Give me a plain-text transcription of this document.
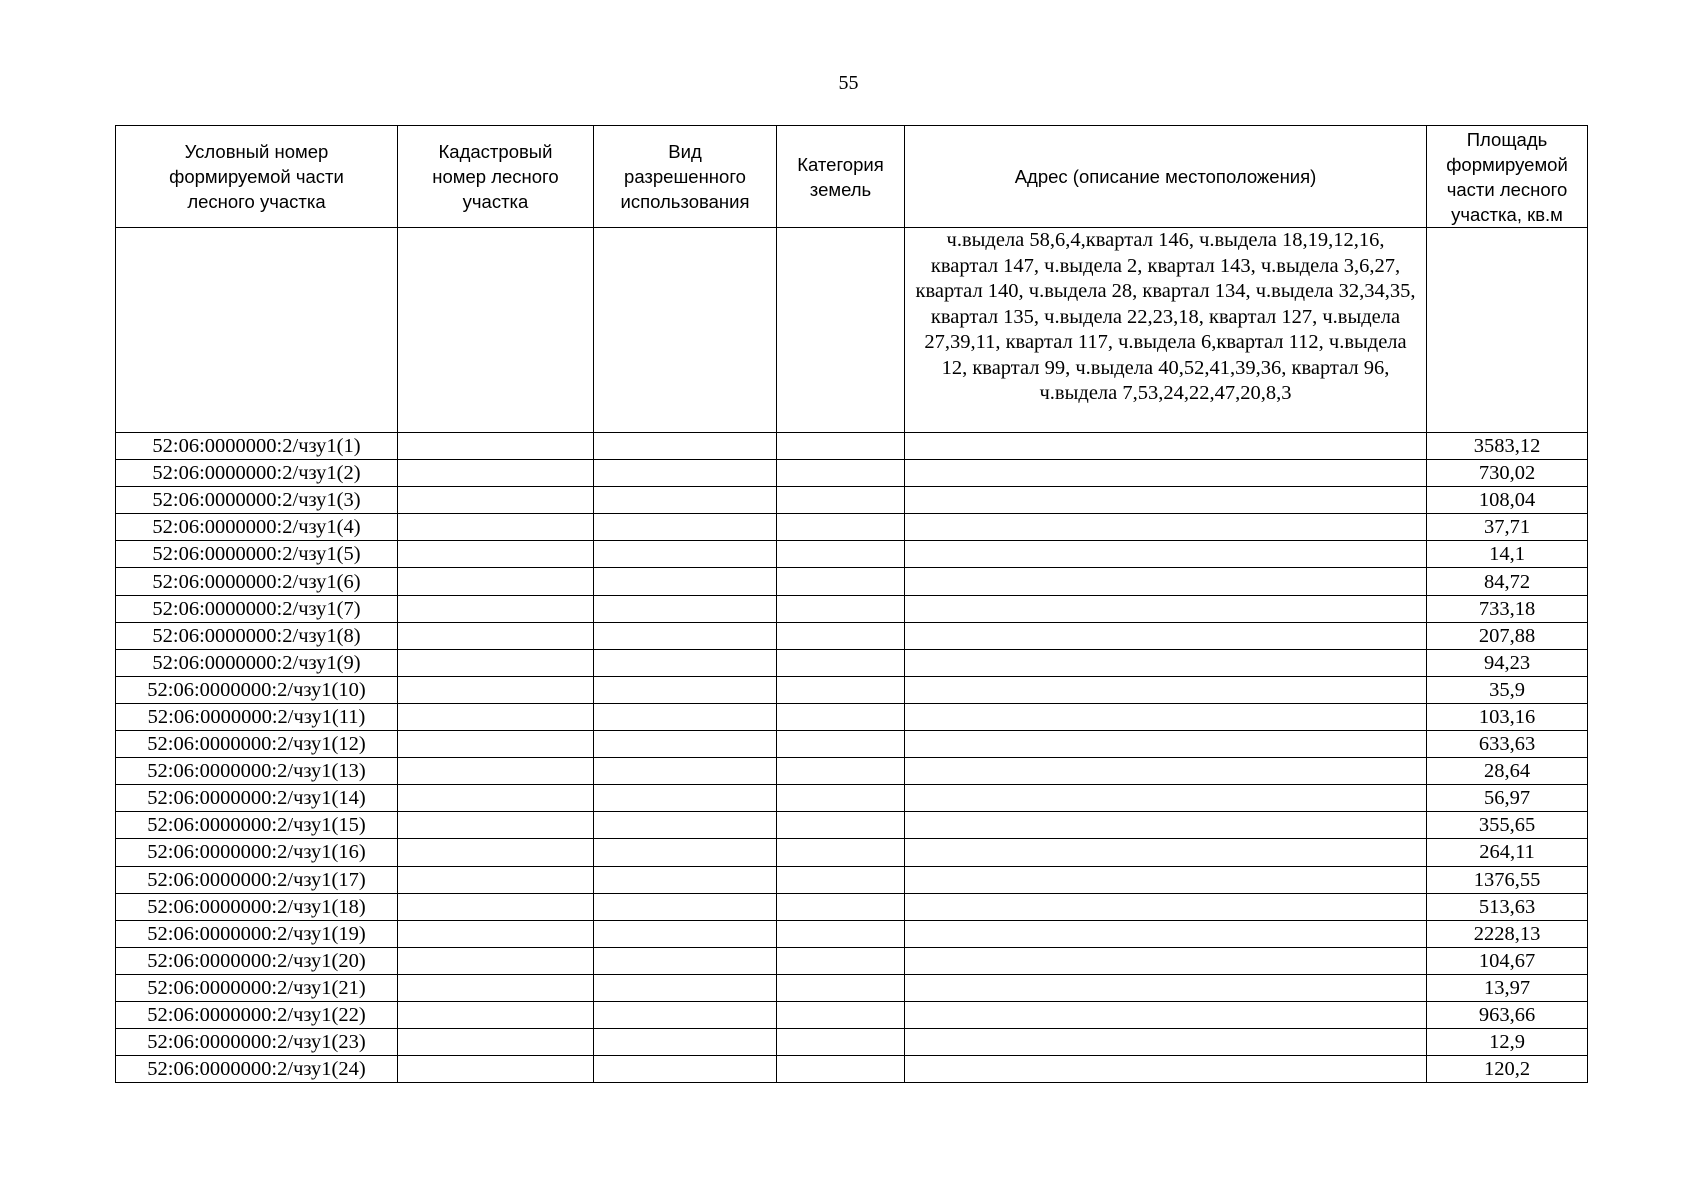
55
Условный номер формируемой части лесного участка	Кадастровый номер лесного участка	Вид разрешенного использования	Категория земель	Адрес (описание местоположения)	Площадь формируемой части лесного участка, кв.м

				ч.выдела 58,6,4,квартал 146, ч.выдела 18,19,12,16, квартал 147, ч.выдела 2, квартал 143, ч.выдела 3,6,27, квартал 140, ч.выдела 28, квартал 134, ч.выдела 32,34,35, квартал 135, ч.выдела 22,23,18, квартал 127, ч.выдела 27,39,11, квартал 117, ч.выдела 6,квартал 112, ч.выдела 12, квартал 99, ч.выдела 40,52,41,39,36, квартал 96, ч.выдела 7,53,24,22,47,20,8,3	

52:06:0000000:2/чзу1(1)					3583,12
52:06:0000000:2/чзу1(2)					730,02
52:06:0000000:2/чзу1(3)					108,04
52:06:0000000:2/чзу1(4)					37,71
52:06:0000000:2/чзу1(5)					14,1
52:06:0000000:2/чзу1(6)					84,72
52:06:0000000:2/чзу1(7)					733,18
52:06:0000000:2/чзу1(8)					207,88
52:06:0000000:2/чзу1(9)					94,23
52:06:0000000:2/чзу1(10)					35,9
52:06:0000000:2/чзу1(11)					103,16
52:06:0000000:2/чзу1(12)					633,63
52:06:0000000:2/чзу1(13)					28,64
52:06:0000000:2/чзу1(14)					56,97
52:06:0000000:2/чзу1(15)					355,65
52:06:0000000:2/чзу1(16)					264,11
52:06:0000000:2/чзу1(17)					1376,55
52:06:0000000:2/чзу1(18)					513,63
52:06:0000000:2/чзу1(19)					2228,13
52:06:0000000:2/чзу1(20)					104,67
52:06:0000000:2/чзу1(21)					13,97
52:06:0000000:2/чзу1(22)					963,66
52:06:0000000:2/чзу1(23)					12,9
52:06:0000000:2/чзу1(24)					120,2
